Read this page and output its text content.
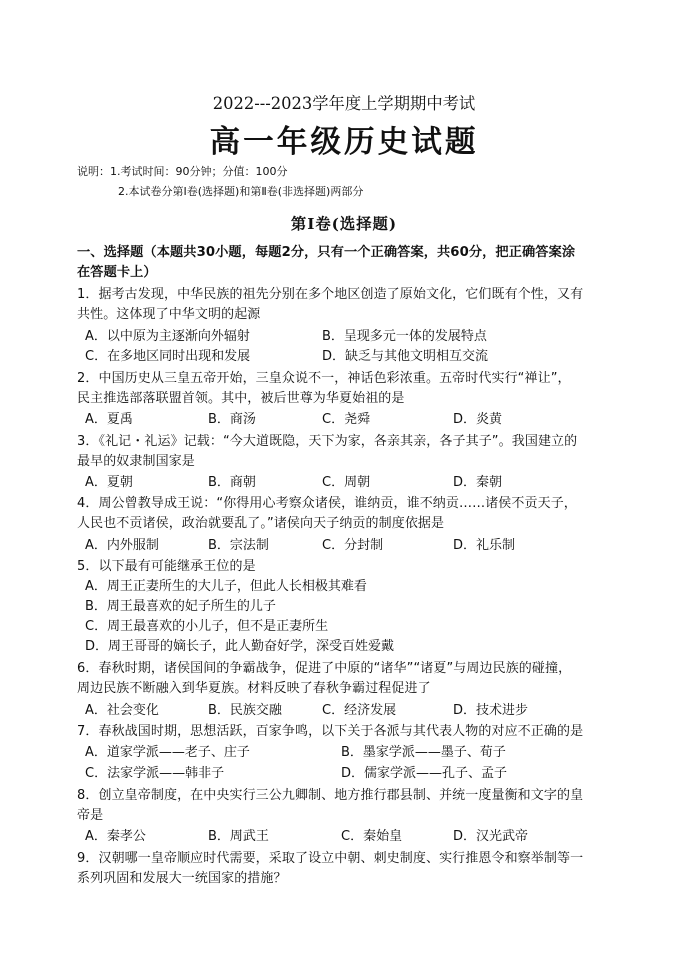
2022---2023学年度上学期期中考试
高一年级历史试题
说明：1.考试时间：90分钟；分值：100分
2.本试卷分第Ⅰ卷(选择题)和第Ⅱ卷(非选择题)两部分
第Ⅰ卷(选择题)
一、选择题（本题共30小题，每题2分，只有一个正确答案，共60分，把正确答案涂
在答题卡上）
1．据考古发现，中华民族的祖先分别在多个地区创造了原始文化，它们既有个性，又有
共性。这体现了中华文明的起源
A．以中原为主逐渐向外辐射	B．呈现多元一体的发展特点
C．在多地区同时出现和发展	D．缺乏与其他文明相互交流
2．中国历史从三皇五帝开始，三皇众说不一，神话色彩浓重。五帝时代实行“禅让”，
民主推选部落联盟首领。其中，被后世尊为华夏始祖的是
A．夏禹	B．商汤	C．尧舜	D．炎黄
3．《礼记・礼运》记载：“今大道既隐，天下为家，各亲其亲，各子其子”。我国建立的
最早的奴隶制国家是
A．夏朝	B．商朝	C．周朝	D．秦朝
4．周公曾教导成王说：“你得用心考察众诸侯，谁纳贡，谁不纳贡……诸侯不贡天子，
人民也不贡诸侯，政治就要乱了。”诸侯向天子纳贡的制度依据是
A．内外服制	B．宗法制	C．分封制	D．礼乐制
5．以下最有可能继承王位的是
A．周王正妻所生的大儿子，但此人长相极其难看
B．周王最喜欢的妃子所生的儿子
C．周王最喜欢的小儿子，但不是正妻所生
D．周王哥哥的嫡长子，此人勤奋好学，深受百姓爱戴
6．春秋时期，诸侯国间的争霸战争，促进了中原的“诸华”“诸夏”与周边民族的碰撞，
周边民族不断融入到华夏族。材料反映了春秋争霸过程促进了
A．社会变化	B．民族交融	C．经济发展	D．技术进步
7．春秋战国时期，思想活跃，百家争鸣，以下关于各派与其代表人物的对应不正确的是
A．道家学派——老子、庄子	B．墨家学派——墨子、荀子
C．法家学派——韩非子	D．儒家学派——孔子、孟子
8．创立皇帝制度，在中央实行三公九卿制、地方推行郡县制、并统一度量衡和文字的皇
帝是
A．秦孝公	B．周武王	C．秦始皇	D．汉光武帝
9．汉朝哪一皇帝顺应时代需要，采取了设立中朝、刺史制度、实行推恩令和察举制等一
系列巩固和发展大一统国家的措施？
